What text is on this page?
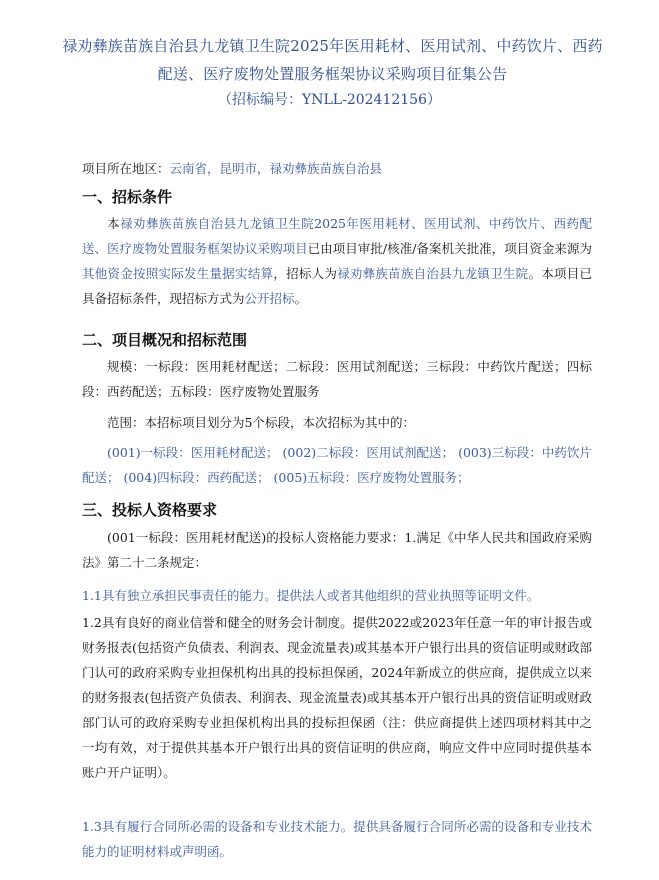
禄劝彝族苗族自治县九龙镇卫生院2025年医用耗材、医用试剂、中药饮片、西药配送、医疗废物处置服务框架协议采购项目征集公告
（招标编号：YNLL-202412156）
项目所在地区：云南省，昆明市，禄劝彝族苗族自治县
一、招标条件
本禄劝彝族苗族自治县九龙镇卫生院2025年医用耗材、医用试剂、中药饮片、西药配送、医疗废物处置服务框架协议采购项目已由项目审批/核准/备案机关批准，项目资金来源为其他资金按照实际发生量据实结算，招标人为禄劝彝族苗族自治县九龙镇卫生院。本项目已具备招标条件，现招标方式为公开招标。
二、项目概况和招标范围
规模：一标段：医用耗材配送；二标段：医用试剂配送；三标段：中药饮片配送；四标段：西药配送；五标段：医疗废物处置服务
范围：本招标项目划分为5个标段，本次招标为其中的：
(001)一标段：医用耗材配送； (002)二标段：医用试剂配送； (003)三标段：中药饮片配送； (004)四标段：西药配送； (005)五标段：医疗废物处置服务；
三、投标人资格要求
(001一标段：医用耗材配送)的投标人资格能力要求：1.满足《中华人民共和国政府采购法》第二十二条规定：
1.1具有独立承担民事责任的能力。提供法人或者其他组织的营业执照等证明文件。
1.2具有良好的商业信誉和健全的财务会计制度。提供2022或2023年任意一年的审计报告或财务报表(包括资产负债表、利润表、现金流量表)或其基本开户银行出具的资信证明或财政部门认可的政府采购专业担保机构出具的投标担保函，2024年新成立的供应商，提供成立以来的财务报表(包括资产负债表、利润表、现金流量表)或其基本开户银行出具的资信证明或财政部门认可的政府采购专业担保机构出具的投标担保函（注：供应商提供上述四项材料其中之一均有效，对于提供其基本开户银行出具的资信证明的供应商，响应文件中应同时提供基本账户开户证明）。
1.3具有履行合同所必需的设备和专业技术能力。提供具备履行合同所必需的设备和专业技术能力的证明材料或声明函。
